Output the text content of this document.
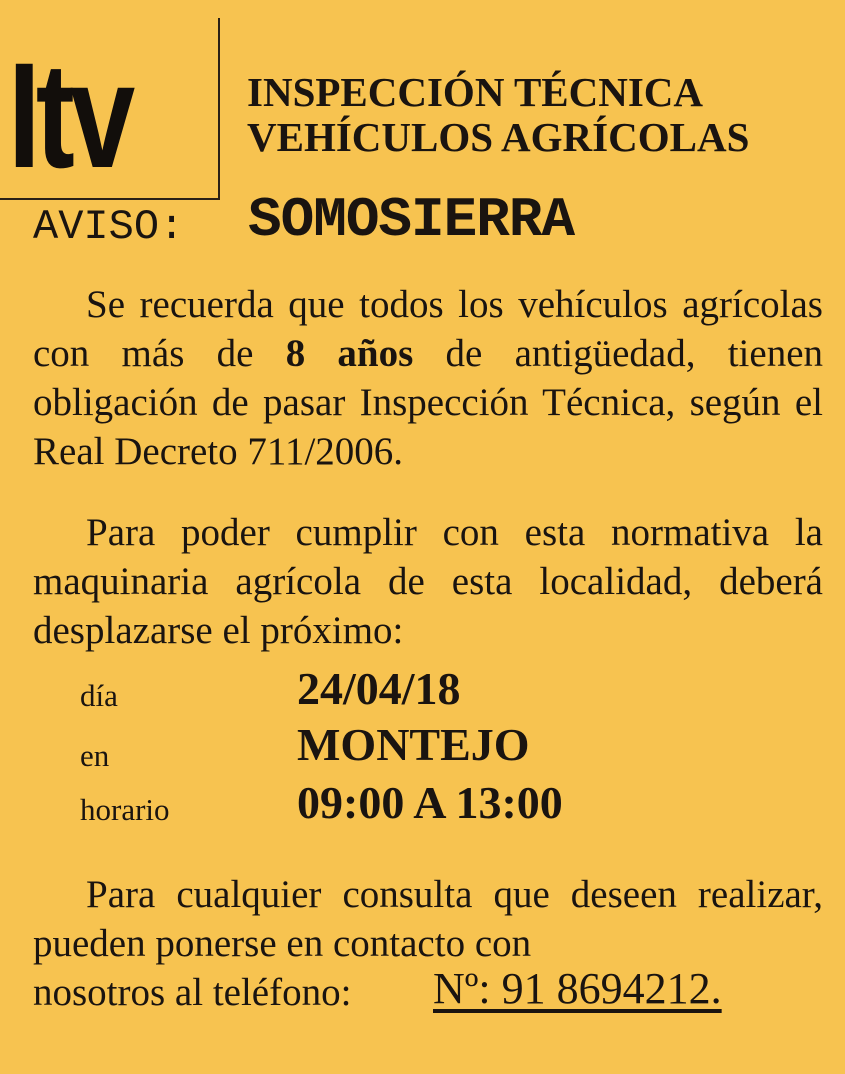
Itv	INSPECCIÓN TÉCNICA
VEHÍCULOS AGRÍCOLAS
AVISO: SOMOSIERRA
Se recuerda que todos los vehículos agrícolas con más de 8 años de antigüedad, tienen obligación de pasar Inspección Técnica, según el Real Decreto 711/2006.
Para poder cumplir con esta normativa la maquinaria agrícola de esta localidad, deberá desplazarse el próximo:
día	24/04/18
en	MONTEJO
horario	09:00 A 13:00
Para cualquier consulta que deseen realizar, pueden ponerse en contacto con
nosotros al teléfono: Nº: 91 8694212.
